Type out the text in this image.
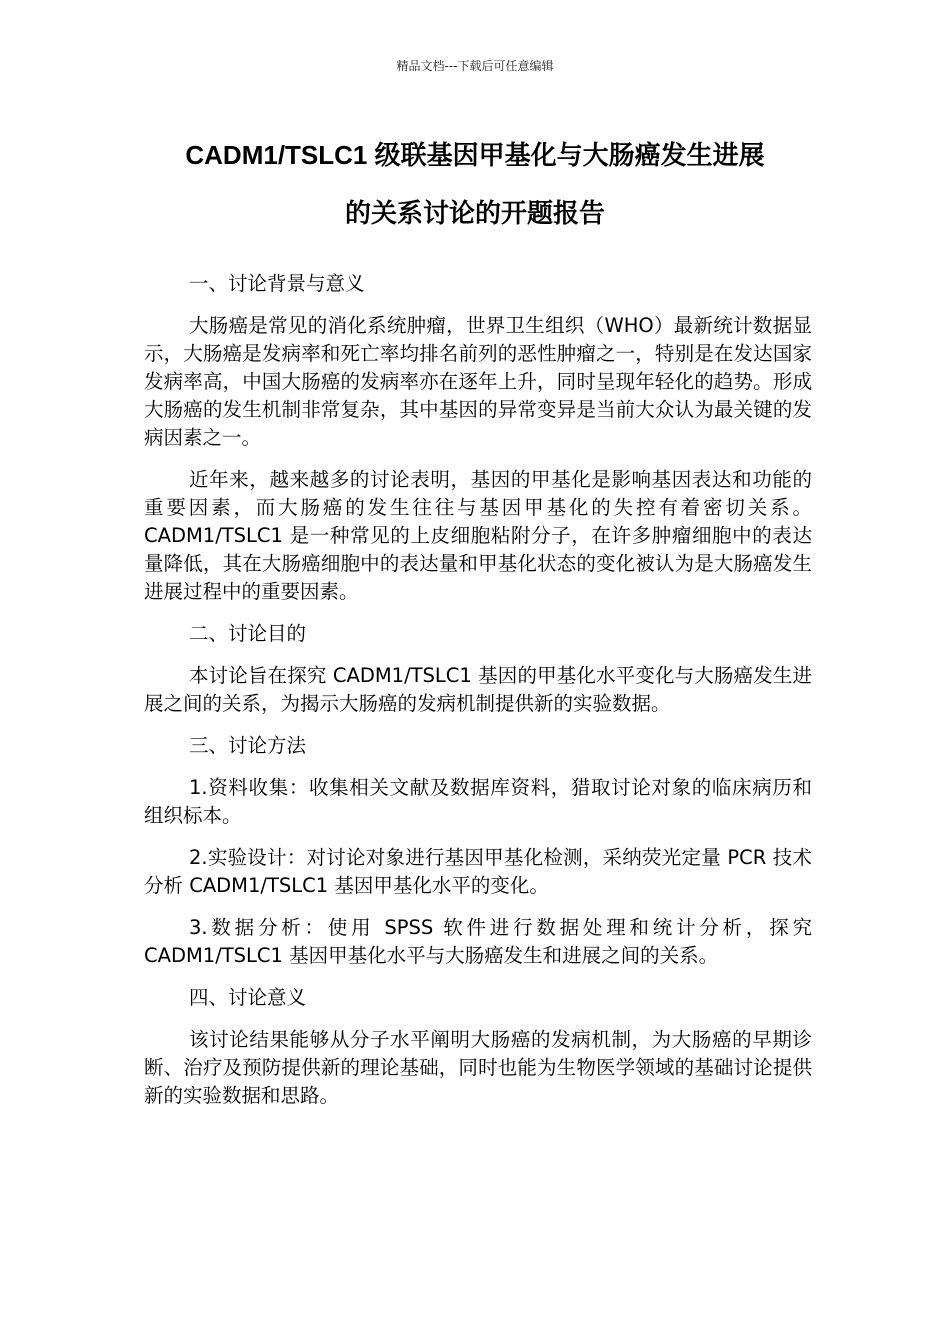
精品文档---下载后可任意编辑
CADM1/TSLC1 级联基因甲基化与大肠癌发生进展
的关系讨论的开题报告

一、讨论背景与意义

大肠癌是常见的消化系统肿瘤，世界卫生组织（WHO）最新统计数据显示，大肠癌是发病率和死亡率均排名前列的恶性肿瘤之一，特别是在发达国家发病率高，中国大肠癌的发病率亦在逐年上升，同时呈现年轻化的趋势。形成大肠癌的发生机制非常复杂，其中基因的异常变异是当前大众认为最关键的发病因素之一。

近年来，越来越多的讨论表明，基因的甲基化是影响基因表达和功能的重要因素，而大肠癌的发生往往与基因甲基化的失控有着密切关系。CADM1/TSLC1 是一种常见的上皮细胞粘附分子，在许多肿瘤细胞中的表达量降低，其在大肠癌细胞中的表达量和甲基化状态的变化被认为是大肠癌发生进展过程中的重要因素。

二、讨论目的

本讨论旨在探究 CADM1/TSLC1 基因的甲基化水平变化与大肠癌发生进展之间的关系，为揭示大肠癌的发病机制提供新的实验数据。

三、讨论方法

1.资料收集：收集相关文献及数据库资料，猎取讨论对象的临床病历和组织标本。

2.实验设计：对讨论对象进行基因甲基化检测，采纳荧光定量 PCR 技术分析 CADM1/TSLC1 基因甲基化水平的变化。

3.数据分析：使用 SPSS 软件进行数据处理和统计分析，探究 CADM1/TSLC1 基因甲基化水平与大肠癌发生和进展之间的关系。

四、讨论意义

该讨论结果能够从分子水平阐明大肠癌的发病机制，为大肠癌的早期诊断、治疗及预防提供新的理论基础，同时也能为生物医学领域的基础讨论提供新的实验数据和思路。
